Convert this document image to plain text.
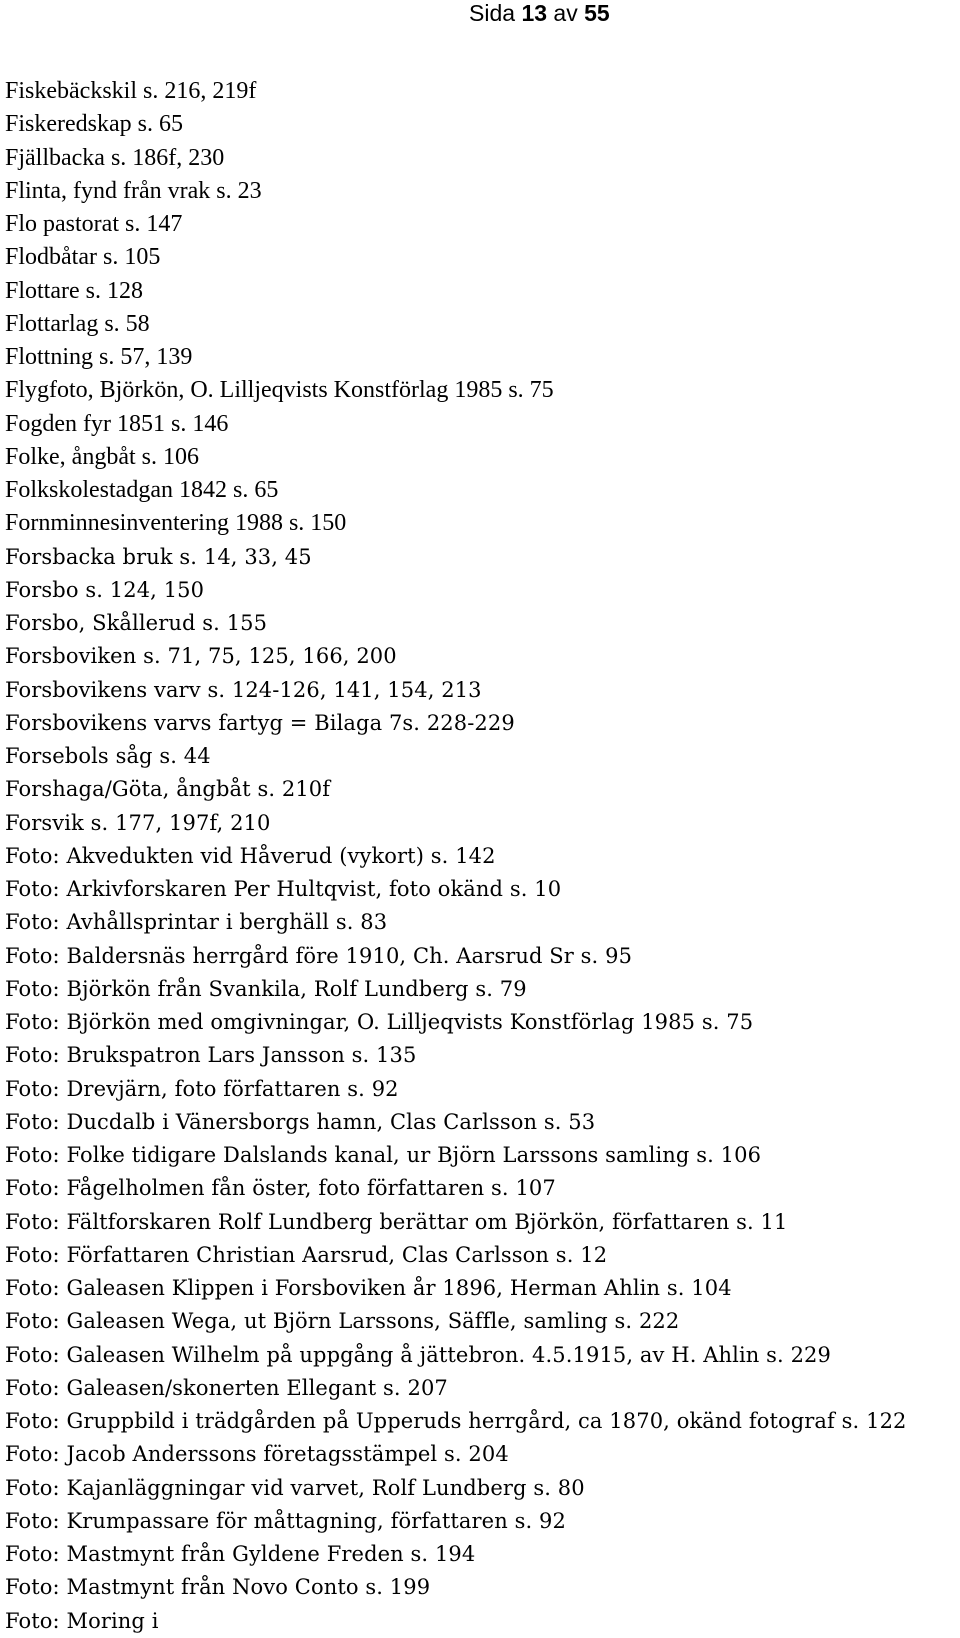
Sida 13 av 55
Fiskebäckskil s. 216, 219f
Fiskeredskap s. 65
Fjällbacka s. 186f, 230
Flinta, fynd från vrak s. 23
Flo pastorat s. 147
Flodbåtar s. 105
Flottare s. 128
Flottarlag s. 58
Flottning s. 57, 139
Flygfoto, Björkön, O. Lilljeqvists Konstförlag 1985 s. 75
Fogden fyr 1851 s. 146
Folke, ångbåt s. 106
Folkskolestadgan 1842 s. 65
Fornminnesinventering 1988 s. 150
Forsbacka bruk s. 14, 33, 45
Forsbo s. 124, 150
Forsbo, Skållerud s. 155
Forsboviken s. 71, 75, 125, 166, 200
Forsbovikens varv s. 124-126, 141, 154, 213
Forsbovikens varvs fartyg = Bilaga 7s. 228-229
Forsebols såg s. 44
Forshaga/Göta, ångbåt s. 210f
Forsvik s. 177, 197f, 210
Foto: Akvedukten vid Håverud (vykort) s. 142
Foto: Arkivforskaren Per Hultqvist, foto okänd s. 10
Foto: Avhållsprintar i berghäll s. 83
Foto: Baldersnäs herrgård före 1910, Ch. Aarsrud Sr s. 95
Foto: Björkön från Svankila, Rolf Lundberg s. 79
Foto: Björkön med omgivningar, O. Lilljeqvists Konstförlag 1985 s. 75
Foto: Brukspatron Lars Jansson s. 135
Foto: Drevjärn, foto författaren s. 92
Foto: Ducdalb i Vänersborgs hamn, Clas Carlsson s. 53
Foto: Folke tidigare Dalslands kanal, ur Björn Larssons samling s. 106
Foto: Fågelholmen fån öster, foto författaren s. 107
Foto: Fältforskaren Rolf Lundberg berättar om Björkön, författaren s. 11
Foto: Författaren Christian Aarsrud, Clas Carlsson s. 12
Foto: Galeasen Klippen i Forsboviken år 1896, Herman Ahlin s. 104
Foto: Galeasen Wega, ut Björn Larssons, Säffle, samling s. 222
Foto: Galeasen Wilhelm på uppgång å jättebron. 4.5.1915, av H. Ahlin s. 229
Foto: Galeasen/skonerten Ellegant s. 207
Foto: Gruppbild i trädgården på Upperuds herrgård, ca 1870, okänd fotograf s. 122
Foto: Jacob Anderssons företagsstämpel s. 204
Foto: Kajanläggningar vid varvet, Rolf Lundberg s. 80
Foto: Krumpassare för måttagning, författaren s. 92
Foto: Mastmynt från Gyldene Freden s. 194
Foto: Mastmynt från Novo Conto s. 199
Foto: Moring i
